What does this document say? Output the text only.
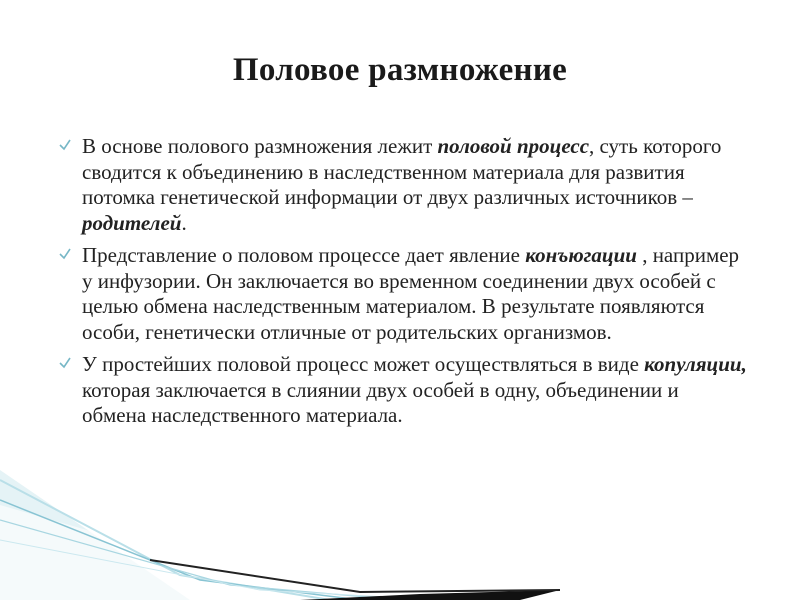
Половое размножение
В основе полового размножения лежит половой процесс, суть которого сводится к объединению в наследственном материала для развития потомка генетической информации от двух различных источников – родителей.
Представление о половом процессе дает явление конъюгации , например у инфузории. Он заключается во временном соединении двух особей с целью обмена наследственным материалом. В результате появляются особи, генетически отличные от родительских организмов.
У простейших половой процесс может осуществляться в виде копуляции, которая заключается в слиянии двух особей в одну, объединении и обмена наследственного материала.
